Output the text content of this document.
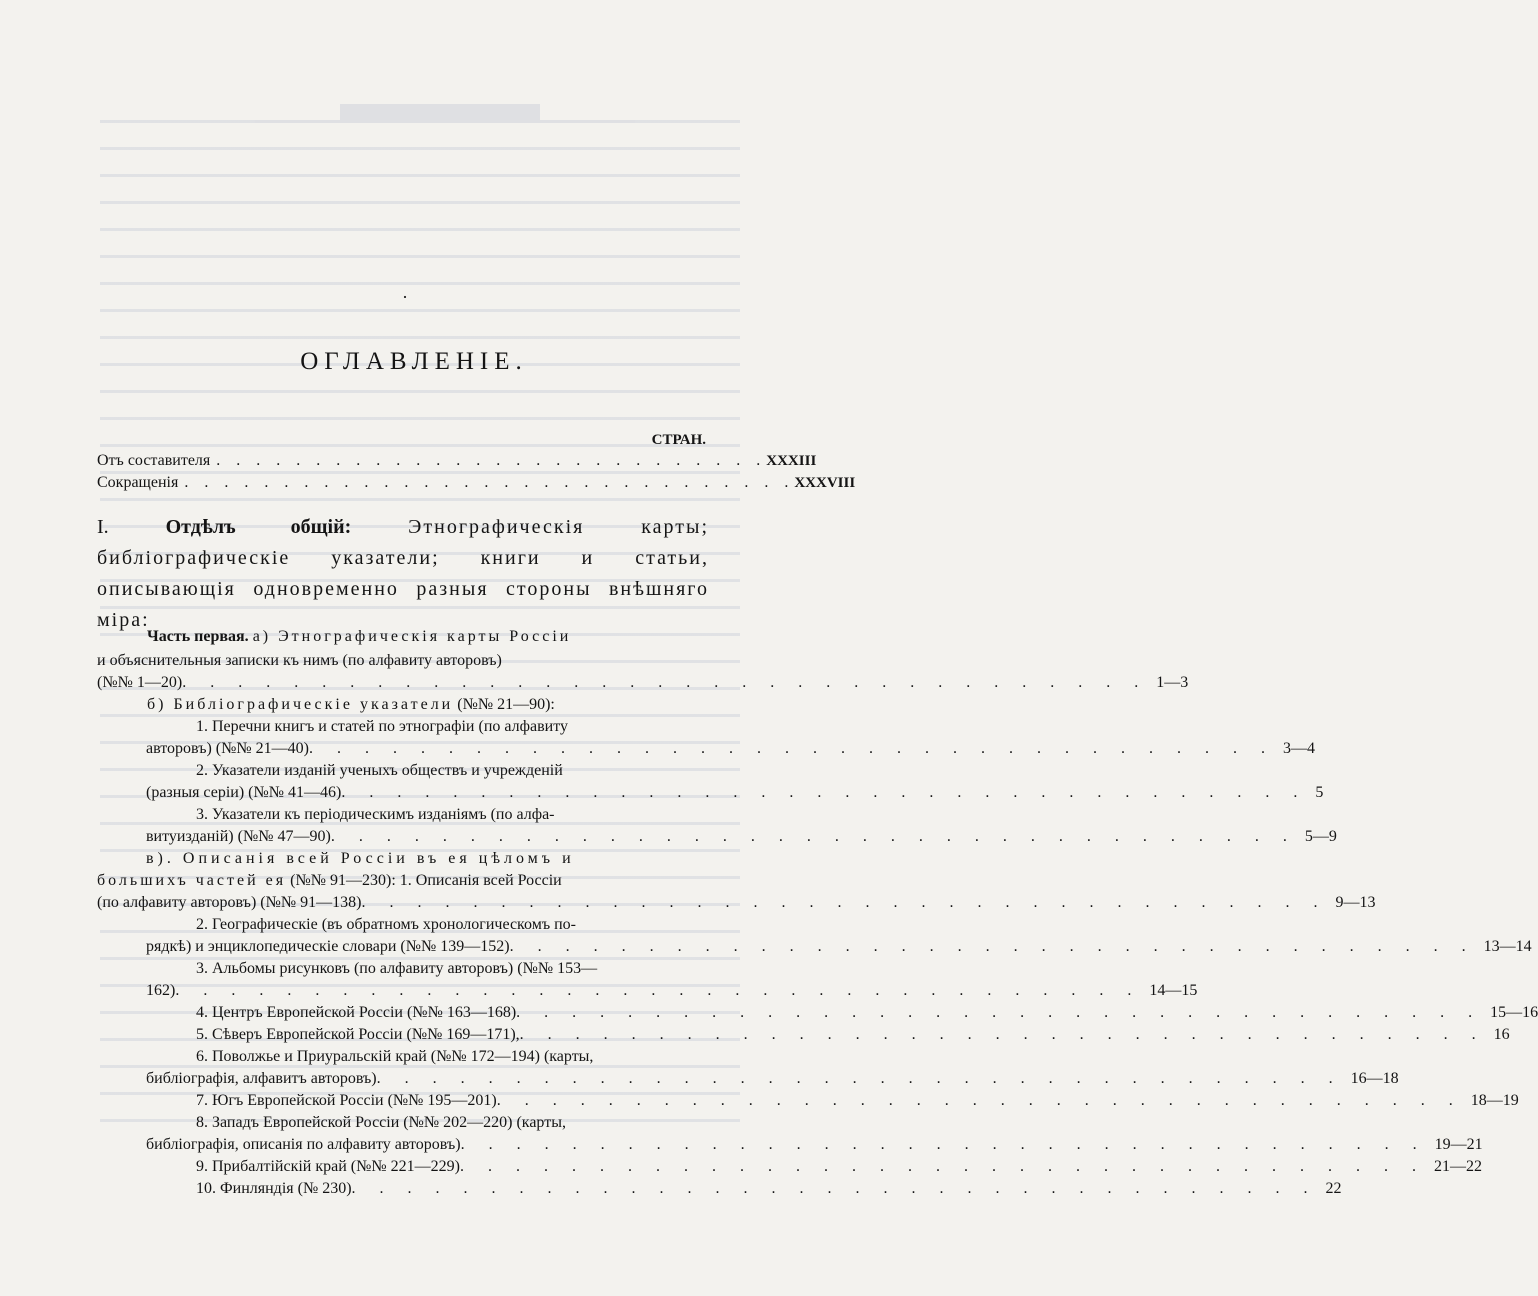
·
ОГЛАВЛЕНІЕ.
СТРАН.
Отъ составителя . . . . . . . . . . . . . . . . . . . . . . . . . . . . XXXIII
Сокращенія . . . . . . . . . . . . . . . . . . . . . . . . . . . . . . . XXXVIII
I.	Отдѣлъ общій:	Этнографическія карты; библіографическіе указатели; книги и статьи, описывающія одновременно разныя стороны внѣшняго міра:
Часть первая. а) Этнографическія карты Россіи
и объяснительныя записки къ нимъ (по алфавиту авторовъ)
(№№ 1—20) . . . . . . . . . . . . . . . . . . . . . . . . . . . . . . . . . . . 1—3
б) Библіографическіе указатели (№№ 21—90):
1. Перечни книгъ и статей по этнографіи (по алфавиту
авторовъ) (№№ 21—40) . . . . . . . . . . . . . . . . . . . . . . . . . . . . . . . . . . . 3—4
2. Указатели изданій ученыхъ обществъ и учрежденій
(разныя серіи) (№№ 41—46) . . . . . . . . . . . . . . . . . . . . . . . . . . . . . . . . . . . 5
3. Указатели къ періодическимъ изданіямъ (по алфа-
витуизданій) (№№ 47—90) . . . . . . . . . . . . . . . . . . . . . . . . . . . . . . . . . . . 5—9
в). Описанія всей Россіи въ ея цѣломъ и
большихъ частей ея (№№ 91—230): 1. Описанія всей Россіи
(по алфавиту авторовъ) (№№ 91—138) . . . . . . . . . . . . . . . . . . . . . . . . . . . . . . . . . . . 9—13
2. Географическіе (въ обратномъ хронологическомъ по-
рядкѣ) и энциклопедическіе словари (№№ 139—152) . . . . . . . . . . . . . . . . . . . . . . . . . . . . . . . . . . . 13—14
3. Альбомы рисунковъ (по алфавиту авторовъ) (№№ 153—
162) . . . . . . . . . . . . . . . . . . . . . . . . . . . . . . . . . . . 14—15
4. Центръ Европейской Россіи (№№ 163—168) . . . . . . . . . . . . . . . . . . . . . . . . . . . . . . . . . . . 15—16
5. Сѣверъ Европейской Россіи (№№ 169—171), . . . . . . . . . . . . . . . . . . . . . . . . . . . . . . . . . . . 16
6. Поволжье и Приуральскій край (№№ 172—194) (карты,
библіографія, алфавитъ авторовъ) . . . . . . . . . . . . . . . . . . . . . . . . . . . . . . . . . . . 16—18
7. Югъ Европейской Россіи (№№ 195—201) . . . . . . . . . . . . . . . . . . . . . . . . . . . . . . . . . . . 18—19
8. Западъ Европейской Россіи (№№ 202—220) (карты,
библіографія, описанія по алфавиту авторовъ) . . . . . . . . . . . . . . . . . . . . . . . . . . . . . . . . . . . 19—21
9. Прибалтійскій край (№№ 221—229) . . . . . . . . . . . . . . . . . . . . . . . . . . . . . . . . . . . 21—22
10. Финляндія (№ 230) . . . . . . . . . . . . . . . . . . . . . . . . . . . . . . . . . . . 22
